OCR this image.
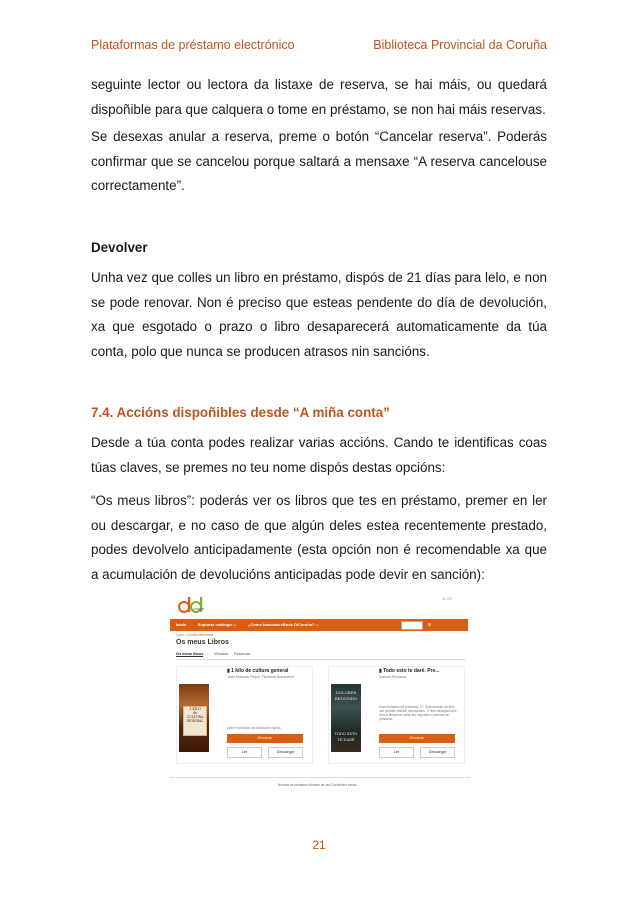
Plataformas de préstamo electrónico	Biblioteca Provincial da Coruña

seguinte lector ou lectora da listaxe de reserva, se hai máis, ou quedará dispoñible para que calquera o tome en préstamo, se non hai máis reservas.

Se desexas anular a reserva, preme o botón “Cancelar reserva”. Poderás confirmar que se cancelou porque saltará a mensaxe “A reserva cancelouse correctamente”.

Devolver

Unha vez que colles un libro en préstamo, dispós de 21 días para lelo, e non se pode renovar. Non é preciso que esteas pendente do día de devolución, xa que esgotado o prazo o libro desaparecerá automaticamente da túa conta, polo que nunca se producen atrasos nin sancións.

7.4. Accións dispoñibles desde “A miña conta”

Desde a túa conta podes realizar varias accións. Cando te identificas coas túas claves, se premes no teu nome dispós destas opcións:

“Os meus libros”: poderás ver os libros que tes en préstamo, premer en ler ou descargar, e no caso de que algún deles estea recentemente prestado, podes devolvelo anticipadamente (esta opción non é recomendable xa que a acumulación de devolucións anticipadas pode devir en sanción):

coruña
GL ES
Inicio	Explorar catálogo ⌵	¿Como funciona eBook DiCoruña? ⌵	⚲
Inicio / A miña biblioteca
Os meus Libros
Os meus libros	Vixiadas Reservas
1 KILO
de
CULTURA
GENERAL
▮ 1 kilo de cultura general
Jean-François Flepin, Floreince Braunstein
Libro en período de devolución rápida
Devolver
Ler	Descargar
DOLORES
REDONDO
TODO ESTO
TE DARÉ
▮ Todo esto te daré. Pre...
Dolores Redondo
Días restantes de préstamo: 17. Este formato de libro non permite realizar devolucións. O libro desaparecerá da túa biblioteca unha vez esgotado o período de préstamo.
Devolver
Ler	Descargar
Normas de préstamo Normas de uso Condicións xerais
21
